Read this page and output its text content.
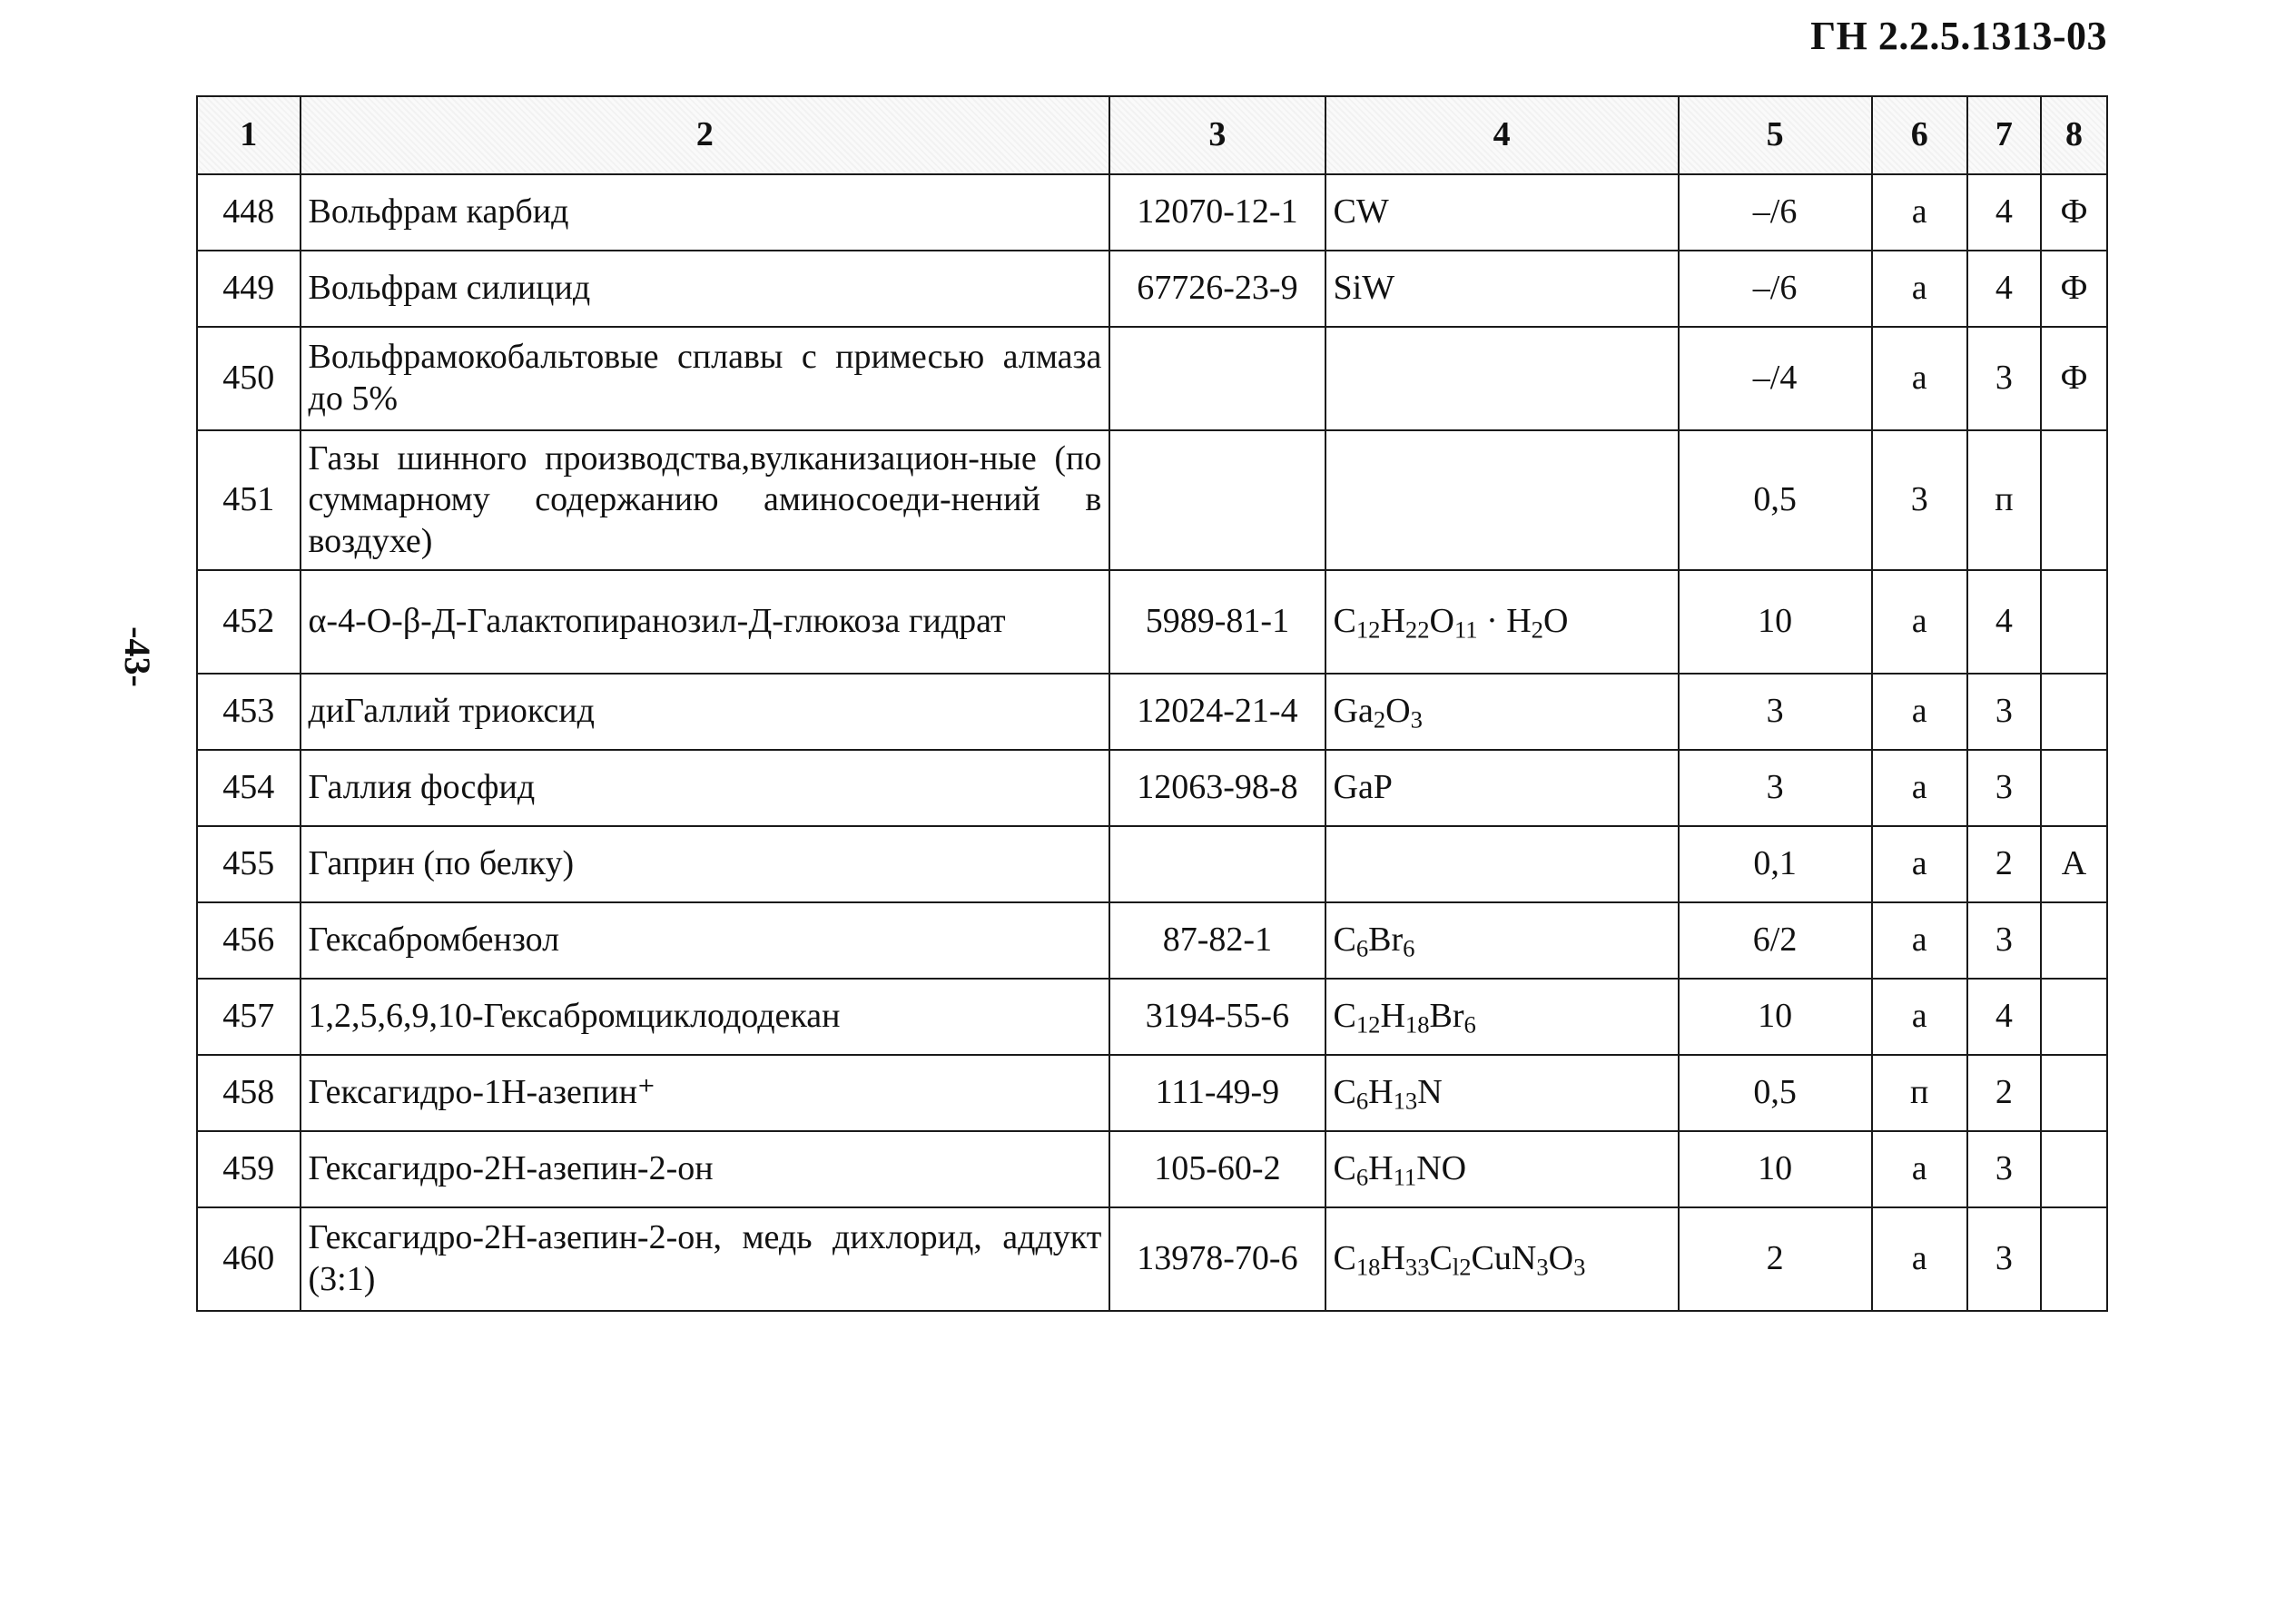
ГН 2.2.5.1313-03
-43-
1	2	3	4	5	6	7	8
448	Вольфрам карбид	12070-12-1	CW	–/6	а	4	Ф
449	Вольфрам силицид	67726-23-9	SiW	–/6	а	4	Ф
450	Вольфрамокобальтовые сплавы с примесью алмаза до 5%			–/4	а	3	Ф
451	Газы шинного производства,вулканизацион-ные (по суммарному содержанию аминосоеди-нений в воздухе)			0,5	3	п	
452	α-4-O-β-Д-Галактопиранозил-Д-глюкоза гидрат	5989-81-1	$C_{12}H_{22}O_{11} \cdot H_2O$	10	а	4	
453	диГаллий триоксид	12024-21-4	$Ga_2O_3$	3	а	3	
454	Галлия фосфид	12063-98-8	GaP	3	а	3	
455	Гаприн (по белку)			0,1	а	2	А
456	Гексабромбензол	87-82-1	$C_6Br_6$	6/2	а	3	
457	1,2,5,6,9,10-Гексабромциклододекан	3194-55-6	$C_{12}H_{18}Br_6$	10	а	4	
458	Гексагидро-1H-азепин⁺	111-49-9	$C_6H_{13}N$	0,5	п	2	
459	Гексагидро-2H-азепин-2-он	105-60-2	$C_6H_{11}NO$	10	а	3	
460	Гексагидро-2H-азепин-2-он, медь дихлорид, аддукт (3:1)	13978-70-6	$C_{18}H_{33}C_{l2}CuN_3O_3$	2	а	3	
